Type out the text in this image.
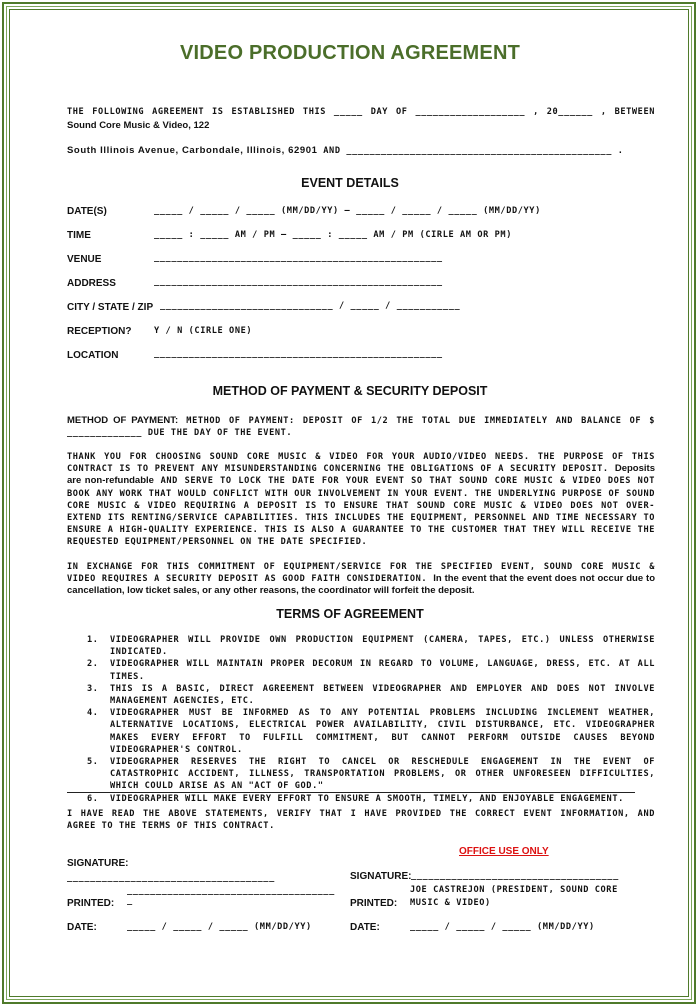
VIDEO PRODUCTION AGREEMENT
THE FOLLOWING AGREEMENT IS ESTABLISHED THIS _____ DAY OF ___________________ , 20______ , BETWEEN Sound Core Music & Video, 122
South Illinois Avenue, Carbondale, Illinois, 62901 AND ______________________________________________ .
EVENT DETAILS
DATE(S)	_____ / _____ / _____ (MM/DD/YY) — _____ / _____ / _____ (MM/DD/YY)
TIME	_____ : _____ AM / PM — _____ : _____ AM / PM (CIRLE AM OR PM)
VENUE	__________________________________________________
ADDRESS	__________________________________________________
CITY / STATE / ZIP ______________________________ / _____ / ___________
RECEPTION?	Y / N (CIRLE ONE)
LOCATION	__________________________________________________
METHOD OF PAYMENT & SECURITY DEPOSIT
METHOD OF PAYMENT: METHOD OF PAYMENT: DEPOSIT OF 1/2 THE TOTAL DUE IMMEDIATELY AND BALANCE OF $ _____________ DUE THE DAY OF THE EVENT.
THANK YOU FOR CHOOSING SOUND CORE MUSIC & VIDEO FOR YOUR AUDIO/VIDEO NEEDS. THE PURPOSE OF THIS CONTRACT IS TO PREVENT ANY MISUNDERSTANDING CONCERNING THE OBLIGATIONS OF A SECURITY DEPOSIT. Deposits are non-refundable AND SERVE TO LOCK THE DATE FOR YOUR EVENT SO THAT SOUND CORE MUSIC & VIDEO DOES NOT BOOK ANY WORK THAT WOULD CONFLICT WITH OUR INVOLVEMENT IN YOUR EVENT. THE UNDERLYING PURPOSE OF SOUND CORE MUSIC & VIDEO REQUIRING A DEPOSIT IS TO ENSURE THAT SOUND CORE MUSIC & VIDEO DOES NOT OVER-EXTEND ITS RENTING/SERVICE CAPABILITIES. THIS INCLUDES THE EQUIPMENT, PERSONNEL AND TIME NECESSARY TO ENSURE A HIGH-QUALITY EXPERIENCE. THIS IS ALSO A GUARANTEE TO THE CUSTOMER THAT THEY WILL RECEIVE THE REQUESTED EQUIPMENT/PERSONNEL ON THE DATE SPECIFIED.
IN EXCHANGE FOR THIS COMMITMENT OF EQUIPMENT/SERVICE FOR THE SPECIFIED EVENT, SOUND CORE MUSIC & VIDEO REQUIRES A SECURITY DEPOSIT AS GOOD FAITH CONSIDERATION. In the event that the event does not occur due to cancellation, low ticket sales, or any other reasons, the coordinator will forfeit the deposit.
TERMS OF AGREEMENT
1. VIDEOGRAPHER WILL PROVIDE OWN PRODUCTION EQUIPMENT (CAMERA, TAPES, ETC.) UNLESS OTHERWISE INDICATED.
2. VIDEOGRAPHER WILL MAINTAIN PROPER DECORUM IN REGARD TO VOLUME, LANGUAGE, DRESS, ETC. AT ALL TIMES.
3. THIS IS A BASIC, DIRECT AGREEMENT BETWEEN VIDEOGRAPHER AND EMPLOYER AND DOES NOT INVOLVE MANAGEMENT AGENCIES, ETC.
4. VIDEOGRAPHER MUST BE INFORMED AS TO ANY POTENTIAL PROBLEMS INCLUDING INCLEMENT WEATHER, ALTERNATIVE LOCATIONS, ELECTRICAL POWER AVAILABILITY, CIVIL DISTURBANCE, ETC. VIDEOGRAPHER MAKES EVERY EFFORT TO FULFILL COMMITMENT, BUT CANNOT PERFORM OUTSIDE CAUSES BEYOND VIDEOGRAPHER'S CONTROL.
5. VIDEOGRAPHER RESERVES THE RIGHT TO CANCEL OR RESCHEDULE ENGAGEMENT IN THE EVENT OF CATASTROPHIC ACCIDENT, ILLNESS, TRANSPORTATION PROBLEMS, OR OTHER UNFORESEEN DIFFICULTIES, WHICH COULD ARISE AS AN "ACT OF GOD."
6. VIDEOGRAPHER WILL MAKE EVERY EFFORT TO ENSURE A SMOOTH, TIMELY, AND ENJOYABLE ENGAGEMENT.
I HAVE READ THE ABOVE STATEMENTS, VERIFY THAT I HAVE PROVIDED THE CORRECT EVENT INFORMATION, AND AGREE TO THE TERMS OF THIS CONTRACT.
OFFICE USE ONLY
SIGNATURE:
____________________________________
____________________________________
PRINTED: _
DATE:	_____ / _____ / _____ (MM/DD/YY)
SIGNATURE: ____________________________________
PRINTED:
JOE CASTREJON (PRESIDENT, SOUND CORE MUSIC & VIDEO)
DATE:	_____ / _____ / _____ (MM/DD/YY)
